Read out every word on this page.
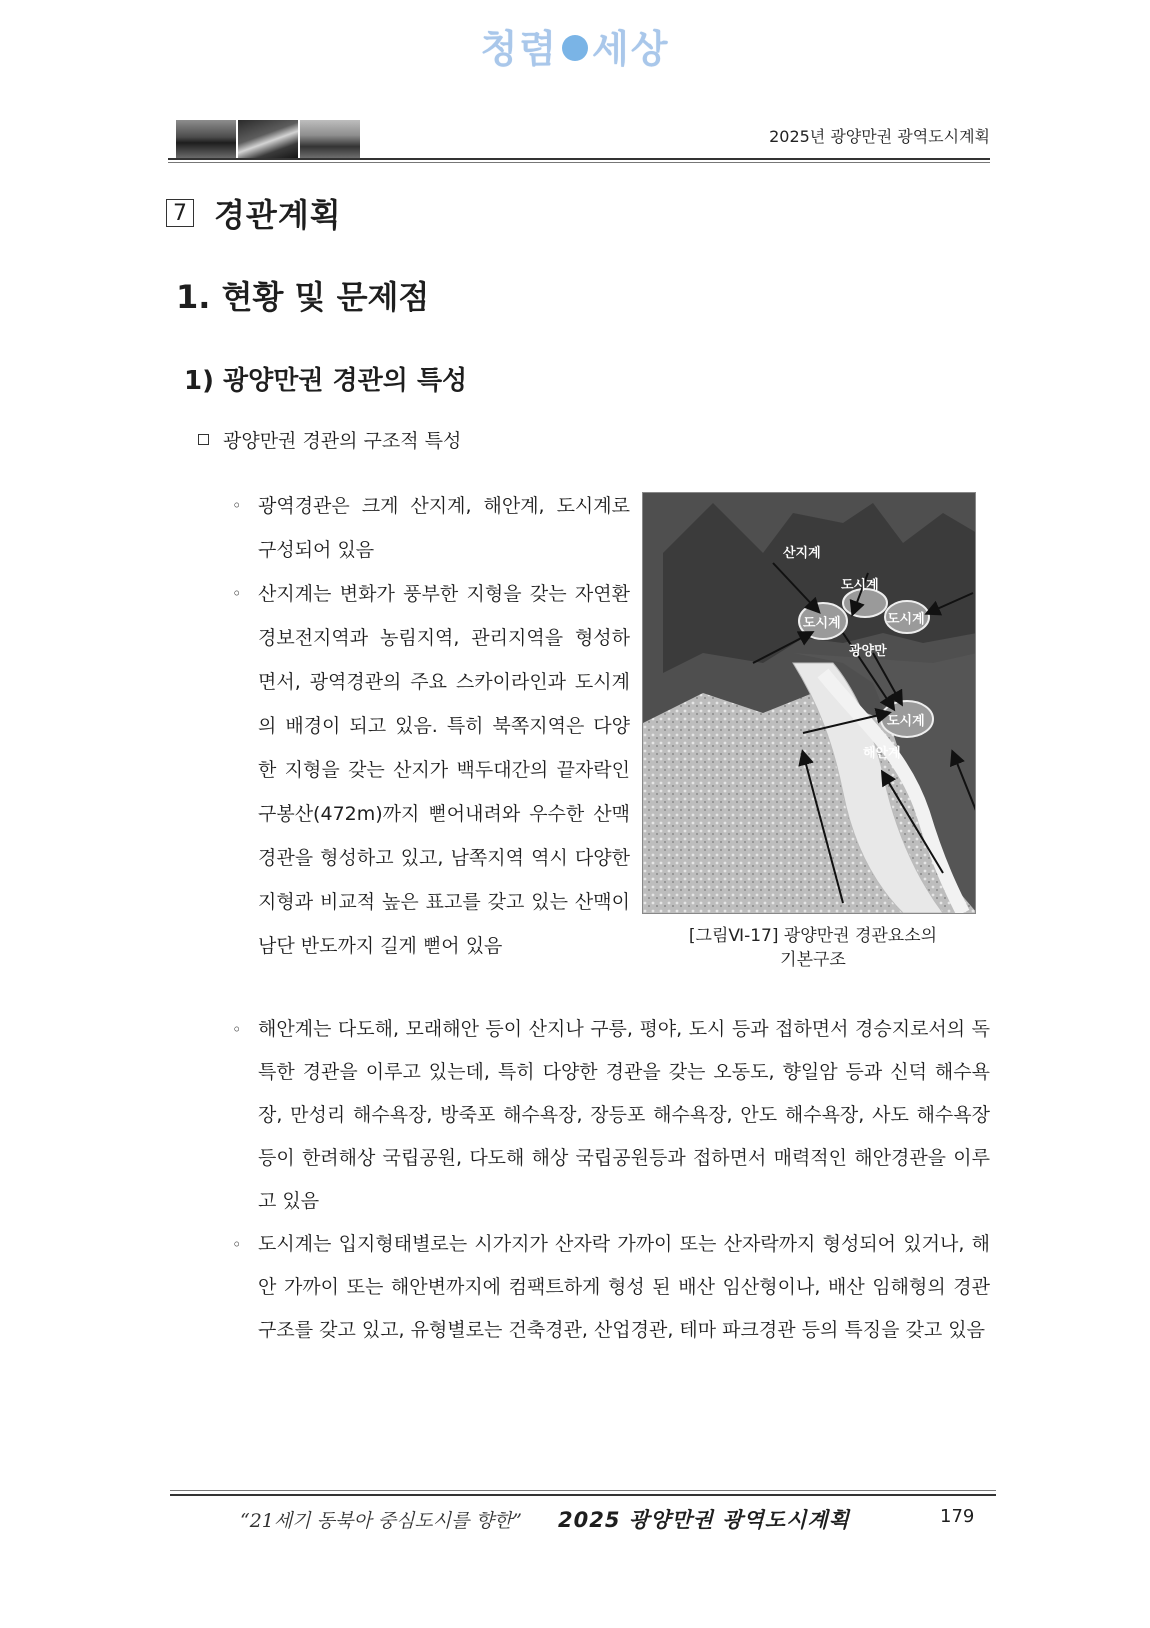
청렴 세상
2025년 광양만권 광역도시계획
7 경관계획
1. 현황 및 문제점
1) 광양만권 경관의 특성
광양만권 경관의 구조적 특성

◦ 광역경관은 크게 산지계, 해안계, 도시계로 구성되어 있음

◦ 산지계는 변화가 풍부한 지형을 갖는 자연환경보전지역과 농림지역, 관리지역을 형성하면서, 광역경관의 주요 스카이라인과 도시계의 배경이 되고 있음. 특히 북쪽지역은 다양한 지형을 갖는 산지가 백두대간의 끝자락인 구봉산(472m)까지 뻗어내려와 우수한 산맥경관을 형성하고 있고, 남쪽지역 역시 다양한 지형과 비교적 높은 표고를 갖고 있는 산맥이 남단 반도까지 길게 뻗어 있음

산지계
도시계
도시계	도시계
광양만
도시계
해안계
[그림Ⅵ-17] 광양만권 경관요소의
기본구조

◦ 해안계는 다도해, 모래해안 등이 산지나 구릉, 평야, 도시 등과 접하면서 경승지로서의 독특한 경관을 이루고 있는데, 특히 다양한 경관을 갖는 오동도, 향일암 등과 신덕 해수욕장, 만성리 해수욕장, 방죽포 해수욕장, 장등포 해수욕장, 안도 해수욕장, 사도 해수욕장 등이 한려해상 국립공원, 다도해 해상 국립공원등과 접하면서 매력적인 해안경관을 이루고 있음

◦ 도시계는 입지형태별로는 시가지가 산자락 가까이 또는 산자락까지 형성되어 있거나, 해안 가까이 또는 해안변까지에 컴팩트하게 형성 된 배산 임산형이나, 배산 임해형의 경관구조를 갖고 있고, 유형별로는 건축경관, 산업경관, 테마 파크경관 등의 특징을 갖고 있음

“21세기 동북아 중심도시를 향한” 2025 광양만권 광역도시계획	179
